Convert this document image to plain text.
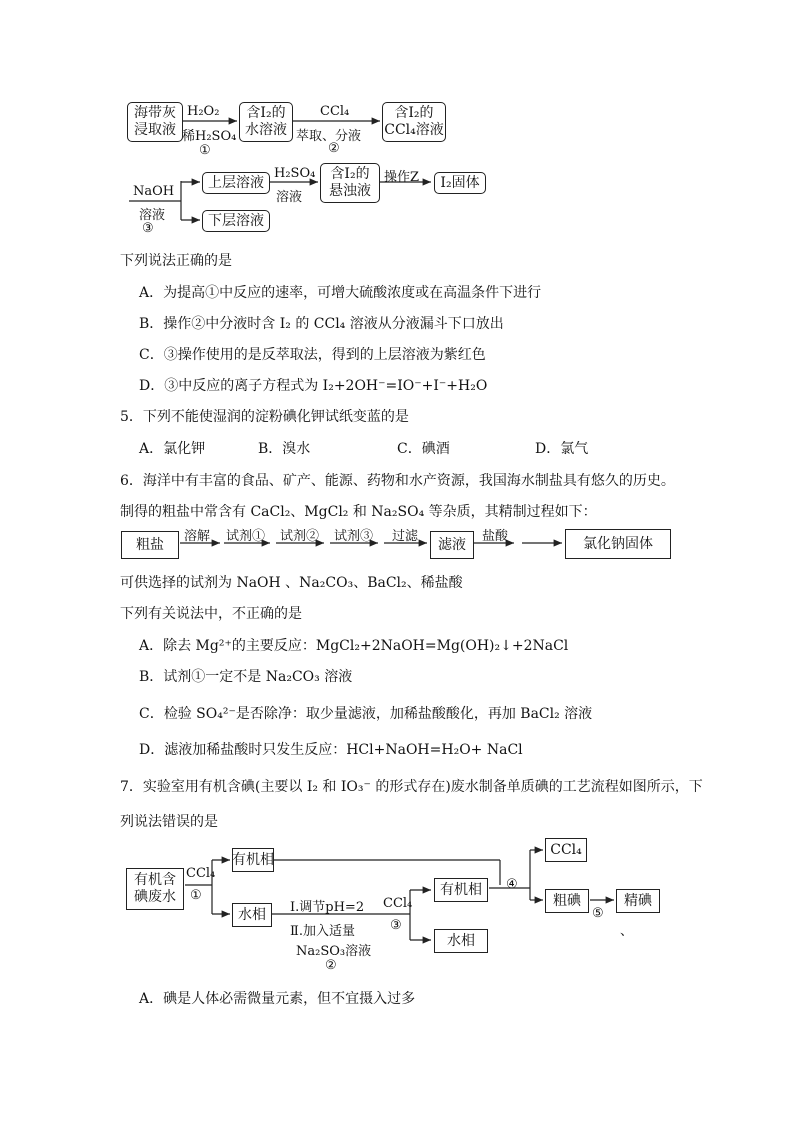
海带灰
浸取液
H₂O₂
稀H₂SO₄
①
含I₂的
水溶液
CCl₄
萃取、分液
②
含I₂的
CCl₄溶液
NaOH
溶液
③
上层溶液
下层溶液
H₂SO₄
溶液
含I₂的
悬浊液
操作Z	I₂固体
下列说法正确的是
A．为提高①中反应的速率，可增大硫酸浓度或在高温条件下进行
B．操作②中分液时含 I₂ 的 CCl₄ 溶液从分液漏斗下口放出
C．③操作使用的是反萃取法，得到的上层溶液为紫红色
D．③中反应的离子方程式为 I₂+2OH⁻=IO⁻+I⁻+H₂O
5．下列不能使湿润的淀粉碘化钾试纸变蓝的是
A．氯化钾	B．溴水	C．碘酒	D．氯气
6．海洋中有丰富的食品、矿产、能源、药物和水产资源，我国海水制盐具有悠久的历史。
制得的粗盐中常含有 CaCl₂、MgCl₂ 和 Na₂SO₄ 等杂质，其精制过程如下：
粗盐	溶解 试剂① 试剂② 试剂③ 过滤	滤液	盐酸	氯化钠固体
可供选择的试剂为 NaOH 、Na₂CO₃、BaCl₂、稀盐酸
下列有关说法中，不正确的是
A．除去 Mg²⁺的主要反应：MgCl₂+2NaOH=Mg(OH)₂↓+2NaCl
B．试剂①一定不是 Na₂CO₃ 溶液
C．检验 SO₄²⁻是否除净：取少量滤液，加稀盐酸酸化，再加 BaCl₂ 溶液
D．滤液加稀盐酸时只发生反应：HCl+NaOH=H₂O+ NaCl
7．实验室用有机含碘(主要以 I₂ 和 IO₃⁻ 的形式存在)废水制备单质碘的工艺流程如图所示，下
列说法错误的是
有机含
碘废水
CCl₄
①
有机相
水相	Ⅰ.调节pH=2
Ⅱ.加入适量
Na₂SO₃溶液
②
CCl₄
③
有机相
水相
④
CCl₄
粗碘
⑤
精碘
、
A．碘是人体必需微量元素，但不宜摄入过多
